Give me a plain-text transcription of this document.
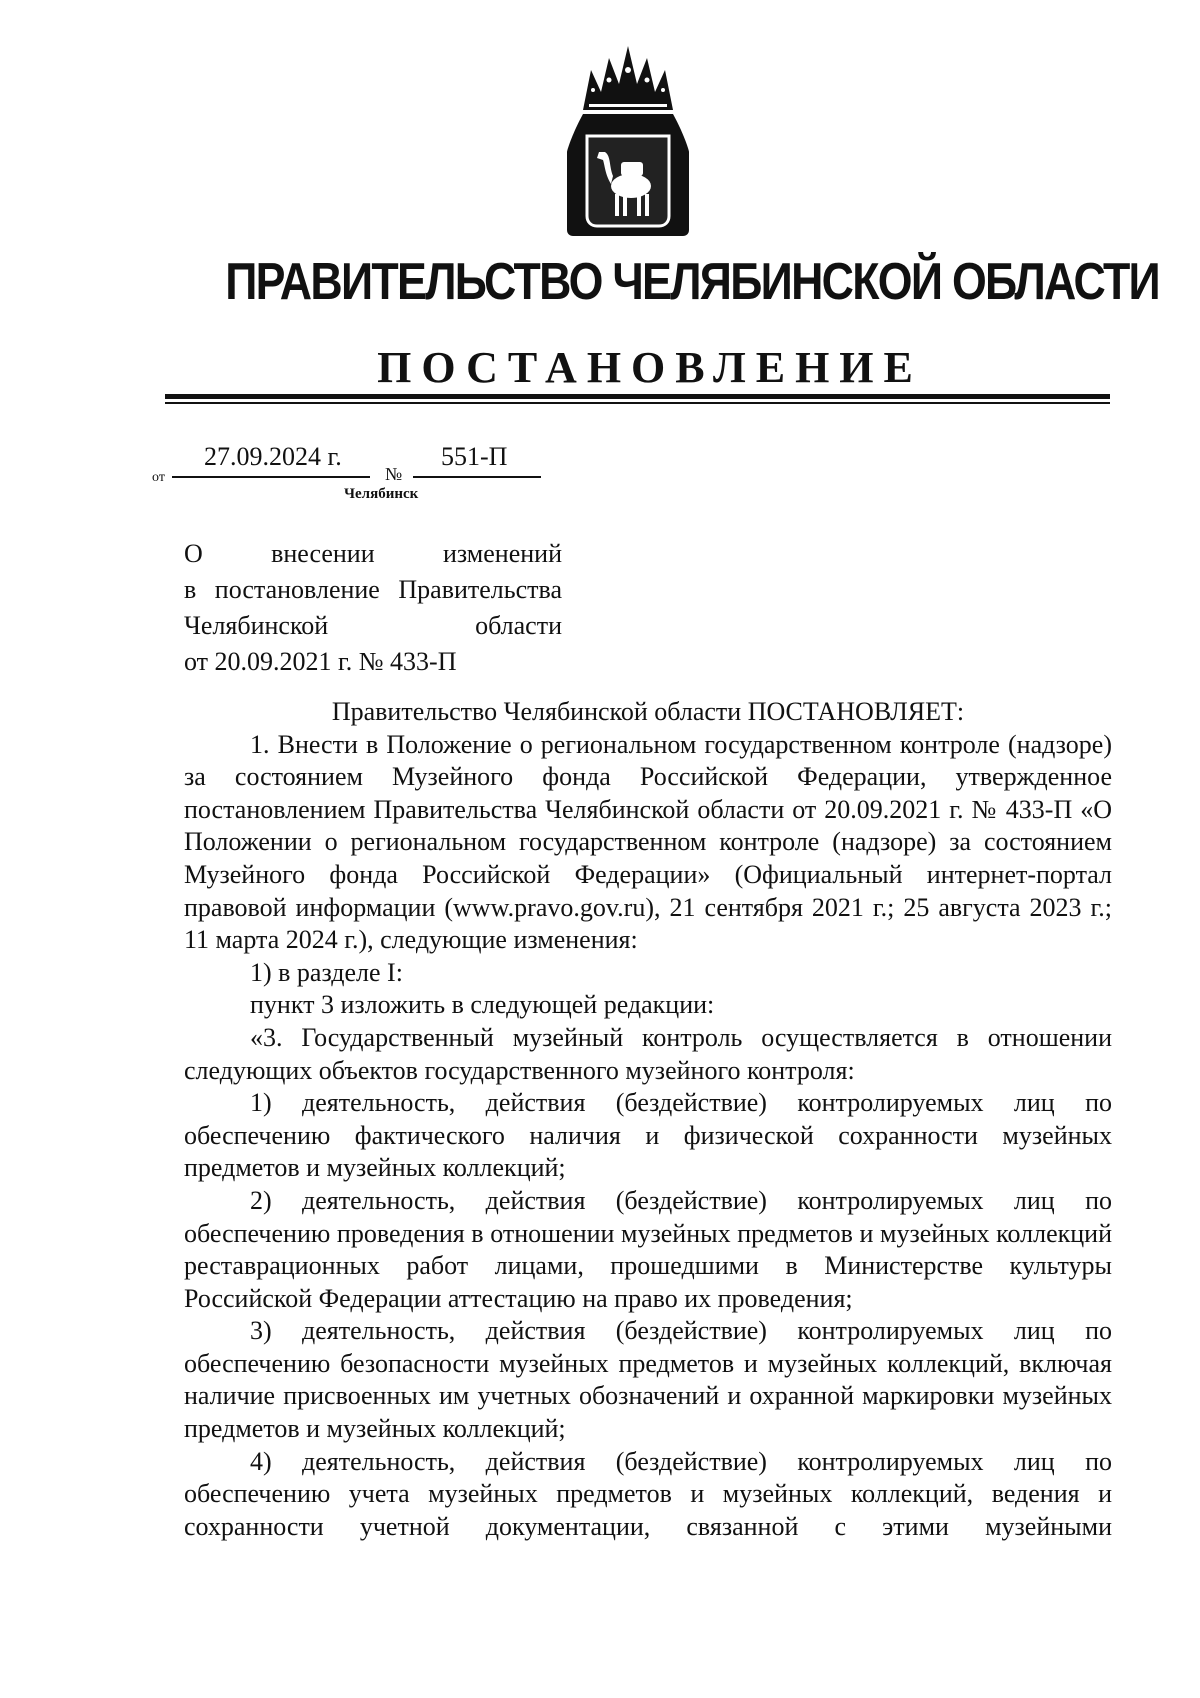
ПРАВИТЕЛЬСТВО ЧЕЛЯБИНСКОЙ ОБЛАСТИ
ПОСТАНОВЛЕНИЕ
от
27.09.2024 г.
№
551-П
Челябинск
О внесении изменений
в постановление Правительства
Челябинской области
от 20.09.2021 г. № 433-П

Правительство Челябинской области ПОСТАНОВЛЯЕТ:

1. Внести в Положение о региональном государственном контроле (надзоре) за состоянием Музейного фонда Российской Федерации, утвержденное постановлением Правительства Челябинской области от 20.09.2021 г. № 433-П «О Положении о региональном государственном контроле (надзоре) за состоянием Музейного фонда Российской Федерации» (Официальный интернет-портал правовой информации (www.pravo.gov.ru), 21 сентября 2021 г.; 25 августа 2023 г.; 11 марта 2024 г.), следующие изменения:

1) в разделе I:

пункт 3 изложить в следующей редакции:

«3. Государственный музейный контроль осуществляется в отношении следующих объектов государственного музейного контроля:

1) деятельность, действия (бездействие) контролируемых лиц по обеспечению фактического наличия и физической сохранности музейных предметов и музейных коллекций;

2) деятельность, действия (бездействие) контролируемых лиц по обеспечению проведения в отношении музейных предметов и музейных коллекций реставрационных работ лицами, прошедшими в Министерстве культуры Российской Федерации аттестацию на право их проведения;

3) деятельность, действия (бездействие) контролируемых лиц по обеспечению безопасности музейных предметов и музейных коллекций, включая наличие присвоенных им учетных обозначений и охранной маркировки музейных предметов и музейных коллекций;

4) деятельность, действия (бездействие) контролируемых лиц по обеспечению учета музейных предметов и музейных коллекций, ведения и сохранности учетной документации, связанной с этими музейными
